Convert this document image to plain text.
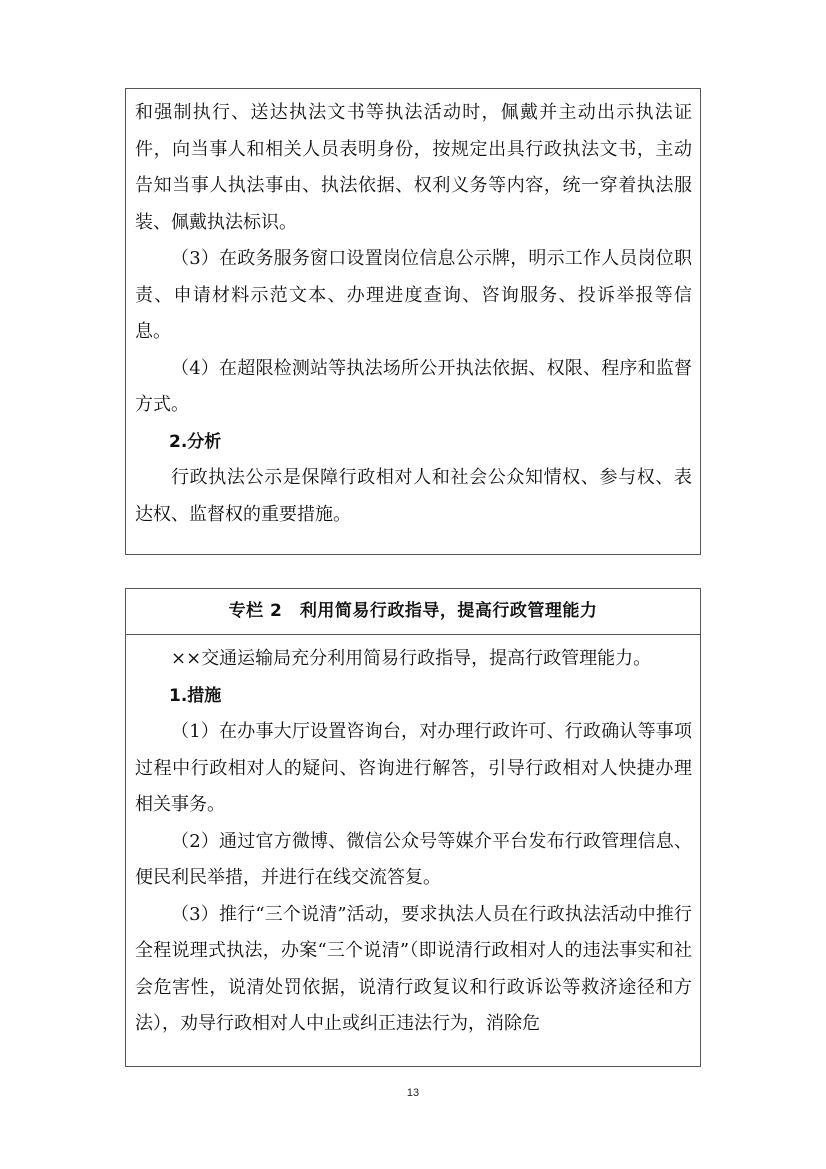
和强制执行、送达执法文书等执法活动时，佩戴并主动出示执法证件，向当事人和相关人员表明身份，按规定出具行政执法文书，主动告知当事人执法事由、执法依据、权利义务等内容，统一穿着执法服装、佩戴执法标识。

（3）在政务服务窗口设置岗位信息公示牌，明示工作人员岗位职责、申请材料示范文本、办理进度查询、咨询服务、投诉举报等信息。

（4）在超限检测站等执法场所公开执法依据、权限、程序和监督方式。

2.分析

行政执法公示是保障行政相对人和社会公众知情权、参与权、表达权、监督权的重要措施。

专栏 2　利用简易行政指导，提高行政管理能力

××交通运输局充分利用简易行政指导，提高行政管理能力。

1.措施

（1）在办事大厅设置咨询台，对办理行政许可、行政确认等事项过程中行政相对人的疑问、咨询进行解答，引导行政相对人快捷办理相关事务。

（2）通过官方微博、微信公众号等媒介平台发布行政管理信息、便民利民举措，并进行在线交流答复。

（3）推行“三个说清”活动，要求执法人员在行政执法活动中推行全程说理式执法，办案“三个说清”（即说清行政相对人的违法事实和社会危害性，说清处罚依据，说清行政复议和行政诉讼等救济途径和方法），劝导行政相对人中止或纠正违法行为，消除危

13
